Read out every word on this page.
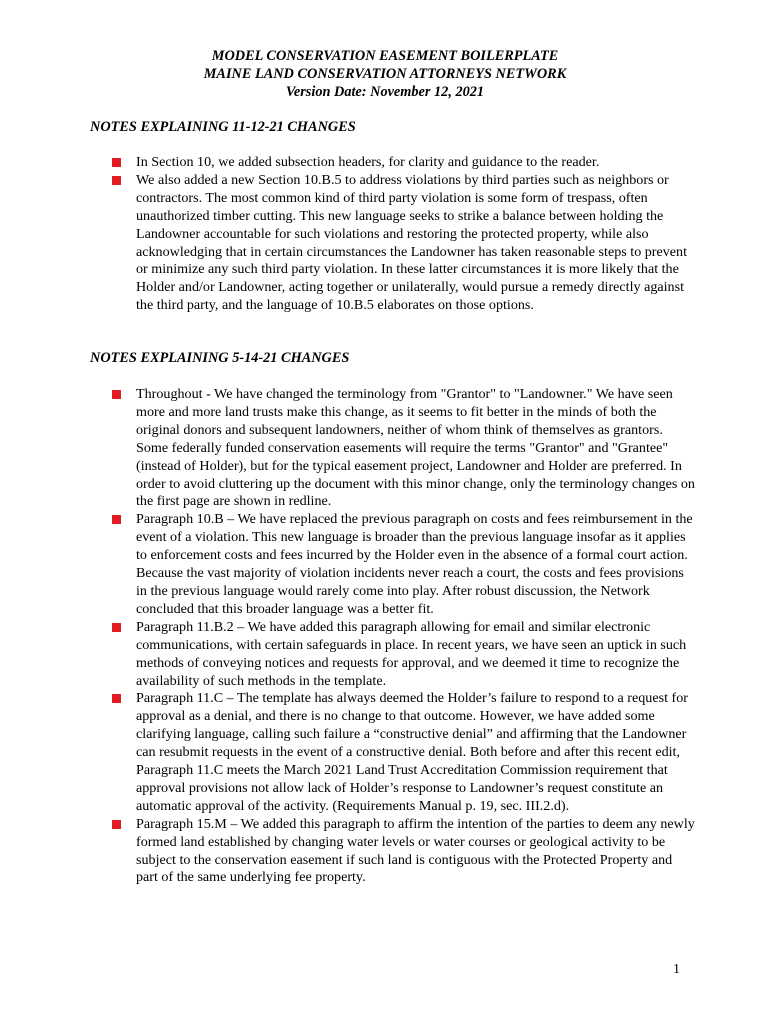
MODEL CONSERVATION EASEMENT BOILERPLATE
MAINE LAND CONSERVATION ATTORNEYS NETWORK
Version Date: November 12, 2021
NOTES EXPLAINING 11-12-21 CHANGES
In Section 10, we added subsection headers, for clarity and guidance to the reader.
We also added a new Section 10.B.5 to address violations by third parties such as neighbors or contractors. The most common kind of third party violation is some form of trespass, often unauthorized timber cutting. This new language seeks to strike a balance between holding the Landowner accountable for such violations and restoring the protected property, while also acknowledging that in certain circumstances the Landowner has taken reasonable steps to prevent or minimize any such third party violation. In these latter circumstances it is more likely that the Holder and/or Landowner, acting together or unilaterally, would pursue a remedy directly against the third party, and the language of 10.B.5 elaborates on those options.
NOTES EXPLAINING 5-14-21 CHANGES
Throughout - We have changed the terminology from "Grantor" to "Landowner." We have seen more and more land trusts make this change, as it seems to fit better in the minds of both the original donors and subsequent landowners, neither of whom think of themselves as grantors. Some federally funded conservation easements will require the terms "Grantor" and "Grantee" (instead of Holder), but for the typical easement project, Landowner and Holder are preferred. In order to avoid cluttering up the document with this minor change, only the terminology changes on the first page are shown in redline.
Paragraph 10.B – We have replaced the previous paragraph on costs and fees reimbursement in the event of a violation. This new language is broader than the previous language insofar as it applies to enforcement costs and fees incurred by the Holder even in the absence of a formal court action. Because the vast majority of violation incidents never reach a court, the costs and fees provisions in the previous language would rarely come into play. After robust discussion, the Network concluded that this broader language was a better fit.
Paragraph 11.B.2 – We have added this paragraph allowing for email and similar electronic communications, with certain safeguards in place. In recent years, we have seen an uptick in such methods of conveying notices and requests for approval, and we deemed it time to recognize the availability of such methods in the template.
Paragraph 11.C – The template has always deemed the Holder’s failure to respond to a request for approval as a denial, and there is no change to that outcome. However, we have added some clarifying language, calling such failure a “constructive denial” and affirming that the Landowner can resubmit requests in the event of a constructive denial. Both before and after this recent edit, Paragraph 11.C meets the March 2021 Land Trust Accreditation Commission requirement that approval provisions not allow lack of Holder’s response to Landowner’s request constitute an automatic approval of the activity. (Requirements Manual p. 19, sec. III.2.d).
Paragraph 15.M – We added this paragraph to affirm the intention of the parties to deem any newly formed land established by changing water levels or water courses or geological activity to be subject to the conservation easement if such land is contiguous with the Protected Property and part of the same underlying fee property.
1
